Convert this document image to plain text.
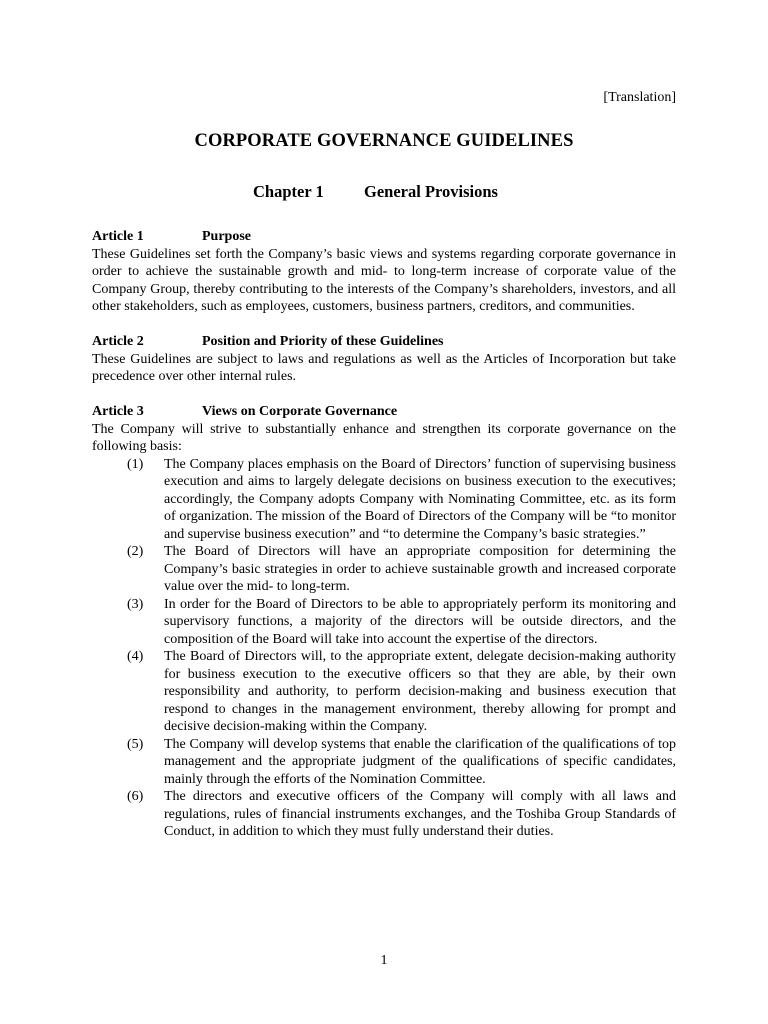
[Translation]
CORPORATE GOVERNANCE GUIDELINES
Chapter 1 General Provisions

Article 1	Purpose

These Guidelines set forth the Company’s basic views and systems regarding corporate governance in order to achieve the sustainable growth and mid- to long-term increase of corporate value of the Company Group, thereby contributing to the interests of the Company’s shareholders, investors, and all other stakeholders, such as employees, customers, business partners, creditors, and communities.

Article 2	Position and Priority of these Guidelines

These Guidelines are subject to laws and regulations as well as the Articles of Incorporation but take precedence over other internal rules.

Article 3	Views on Corporate Governance

The Company will strive to substantially enhance and strengthen its corporate governance on the following basis:

(1) The Company places emphasis on the Board of Directors’ function of supervising business execution and aims to largely delegate decisions on business execution to the executives; accordingly, the Company adopts Company with Nominating Committee, etc. as its form of organization. The mission of the Board of Directors of the Company will be “to monitor and supervise business execution” and “to determine the Company’s basic strategies.”
(2) The Board of Directors will have an appropriate composition for determining the Company’s basic strategies in order to achieve sustainable growth and increased corporate value over the mid- to long-term.
(3) In order for the Board of Directors to be able to appropriately perform its monitoring and supervisory functions, a majority of the directors will be outside directors, and the composition of the Board will take into account the expertise of the directors.
(4) The Board of Directors will, to the appropriate extent, delegate decision-making authority for business execution to the executive officers so that they are able, by their own responsibility and authority, to perform decision-making and business execution that respond to changes in the management environment, thereby allowing for prompt and decisive decision-making within the Company.
(5) The Company will develop systems that enable the clarification of the qualifications of top management and the appropriate judgment of the qualifications of specific candidates, mainly through the efforts of the Nomination Committee.
(6) The directors and executive officers of the Company will comply with all laws and regulations, rules of financial instruments exchanges, and the Toshiba Group Standards of Conduct, in addition to which they must fully understand their duties.
1
